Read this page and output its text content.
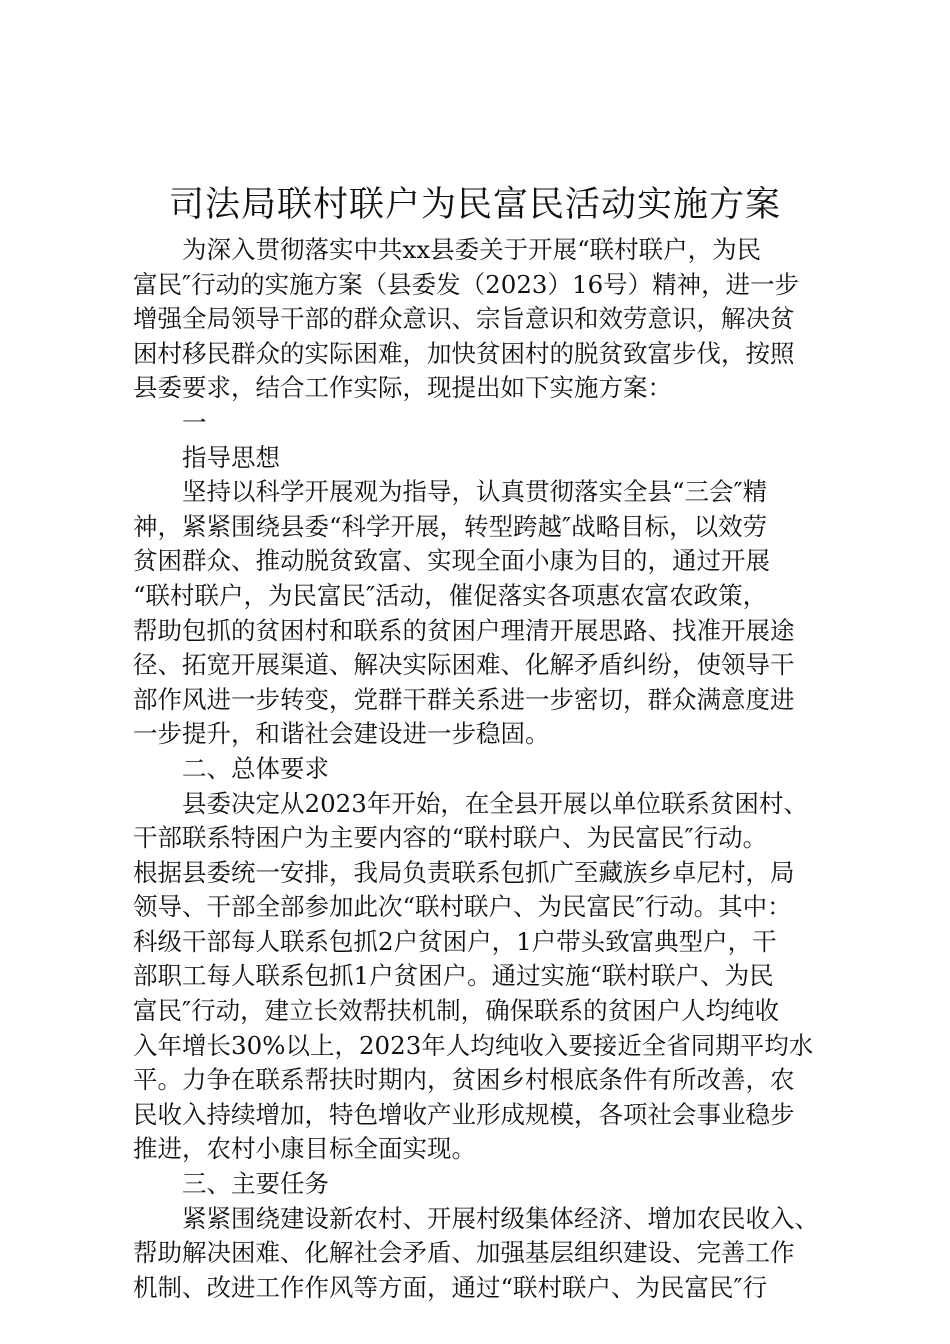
司法局联村联户为民富民活动实施方案
为深入贯彻落实中共xx县委关于开展“联村联户，为民
富民″行动的实施方案（县委发（2023）16号）精神，进一步
增强全局领导干部的群众意识、宗旨意识和效劳意识，解决贫
困村移民群众的实际困难，加快贫困村的脱贫致富步伐，按照
县委要求，结合工作实际，现提出如下实施方案：
一
指导思想
坚持以科学开展观为指导，认真贯彻落实全县“三会″精
神，紧紧围绕县委“科学开展，转型跨越″战略目标，以效劳
贫困群众、推动脱贫致富、实现全面小康为目的，通过开展
“联村联户，为民富民″活动，催促落实各项惠农富农政策，
帮助包抓的贫困村和联系的贫困户理清开展思路、找准开展途
径、拓宽开展渠道、解决实际困难、化解矛盾纠纷，使领导干
部作风进一步转变，党群干群关系进一步密切，群众满意度进
一步提升，和谐社会建设进一步稳固。
二、总体要求
县委决定从2023年开始，在全县开展以单位联系贫困村、
干部联系特困户为主要内容的“联村联户、为民富民″行动。
根据县委统一安排，我局负责联系包抓广至藏族乡卓尼村，局
领导、干部全部参加此次“联村联户、为民富民″行动。其中：
科级干部每人联系包抓2户贫困户，1户带头致富典型户，干
部职工每人联系包抓1户贫困户。通过实施“联村联户、为民
富民″行动，建立长效帮扶机制，确保联系的贫困户人均纯收
入年增长30%以上，2023年人均纯收入要接近全省同期平均水
平。力争在联系帮扶时期内，贫困乡村根底条件有所改善，农
民收入持续增加，特色增收产业形成规模，各项社会事业稳步
推进，农村小康目标全面实现。
三、主要任务
紧紧围绕建设新农村、开展村级集体经济、增加农民收入、
帮助解决困难、化解社会矛盾、加强基层组织建设、完善工作
机制、改进工作作风等方面，通过“联村联户、为民富民″行
